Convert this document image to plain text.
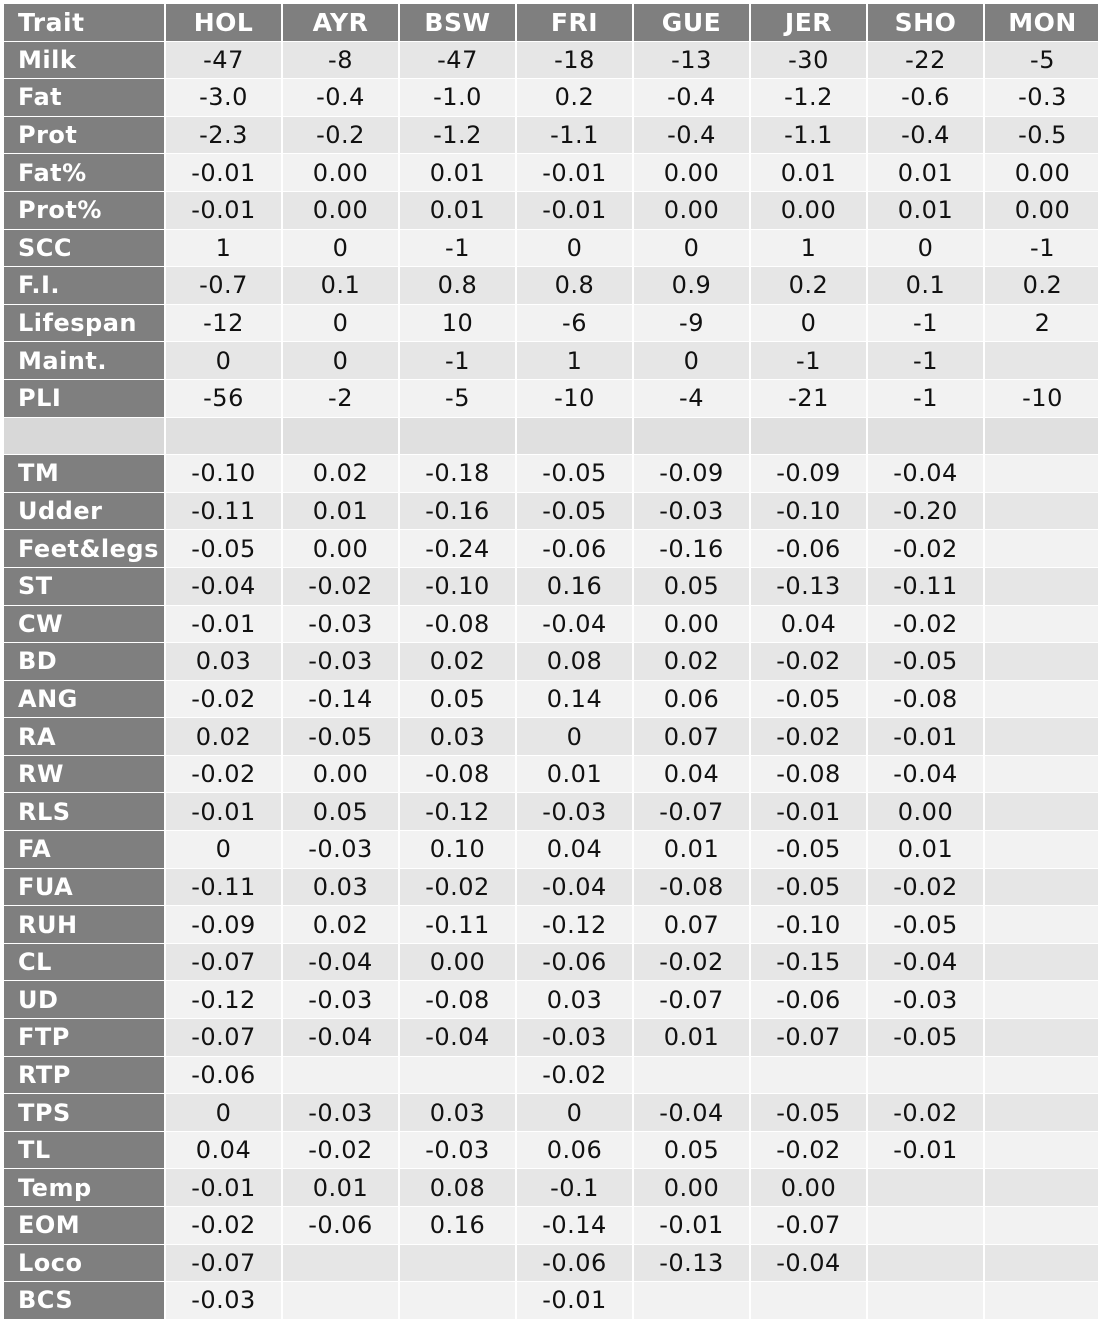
Trait	HOL	AYR	BSW	FRI	GUE	JER	SHO	MON
Milk	-47	-8	-47	-18	-13	-30	-22	-5
Fat	-3.0	-0.4	-1.0	0.2	-0.4	-1.2	-0.6	-0.3
Prot	-2.3	-0.2	-1.2	-1.1	-0.4	-1.1	-0.4	-0.5
Fat%	-0.01	0.00	0.01	-0.01	0.00	0.01	0.01	0.00
Prot%	-0.01	0.00	0.01	-0.01	0.00	0.00	0.01	0.00
SCC	1	0	-1	0	0	1	0	-1
F.I.	-0.7	0.1	0.8	0.8	0.9	0.2	0.1	0.2
Lifespan	-12	0	10	-6	-9	0	-1	2
Maint.	0	0	-1	1	0	-1	-1	
PLI	-56	-2	-5	-10	-4	-21	-1	-10

TM	-0.10	0.02	-0.18	-0.05	-0.09	-0.09	-0.04	
Udder	-0.11	0.01	-0.16	-0.05	-0.03	-0.10	-0.20	
Feet&legs	-0.05	0.00	-0.24	-0.06	-0.16	-0.06	-0.02	
ST	-0.04	-0.02	-0.10	0.16	0.05	-0.13	-0.11	
CW	-0.01	-0.03	-0.08	-0.04	0.00	0.04	-0.02	
BD	0.03	-0.03	0.02	0.08	0.02	-0.02	-0.05	
ANG	-0.02	-0.14	0.05	0.14	0.06	-0.05	-0.08	
RA	0.02	-0.05	0.03	0	0.07	-0.02	-0.01	
RW	-0.02	0.00	-0.08	0.01	0.04	-0.08	-0.04	
RLS	-0.01	0.05	-0.12	-0.03	-0.07	-0.01	0.00	
FA	0	-0.03	0.10	0.04	0.01	-0.05	0.01	
FUA	-0.11	0.03	-0.02	-0.04	-0.08	-0.05	-0.02	
RUH	-0.09	0.02	-0.11	-0.12	0.07	-0.10	-0.05	
CL	-0.07	-0.04	0.00	-0.06	-0.02	-0.15	-0.04	
UD	-0.12	-0.03	-0.08	0.03	-0.07	-0.06	-0.03	
FTP	-0.07	-0.04	-0.04	-0.03	0.01	-0.07	-0.05	
RTP	-0.06			-0.02				
TPS	0	-0.03	0.03	0	-0.04	-0.05	-0.02	
TL	0.04	-0.02	-0.03	0.06	0.05	-0.02	-0.01	
Temp	-0.01	0.01	0.08	-0.1	0.00	0.00		
EOM	-0.02	-0.06	0.16	-0.14	-0.01	-0.07		
Loco	-0.07			-0.06	-0.13	-0.04		
BCS	-0.03			-0.01				
